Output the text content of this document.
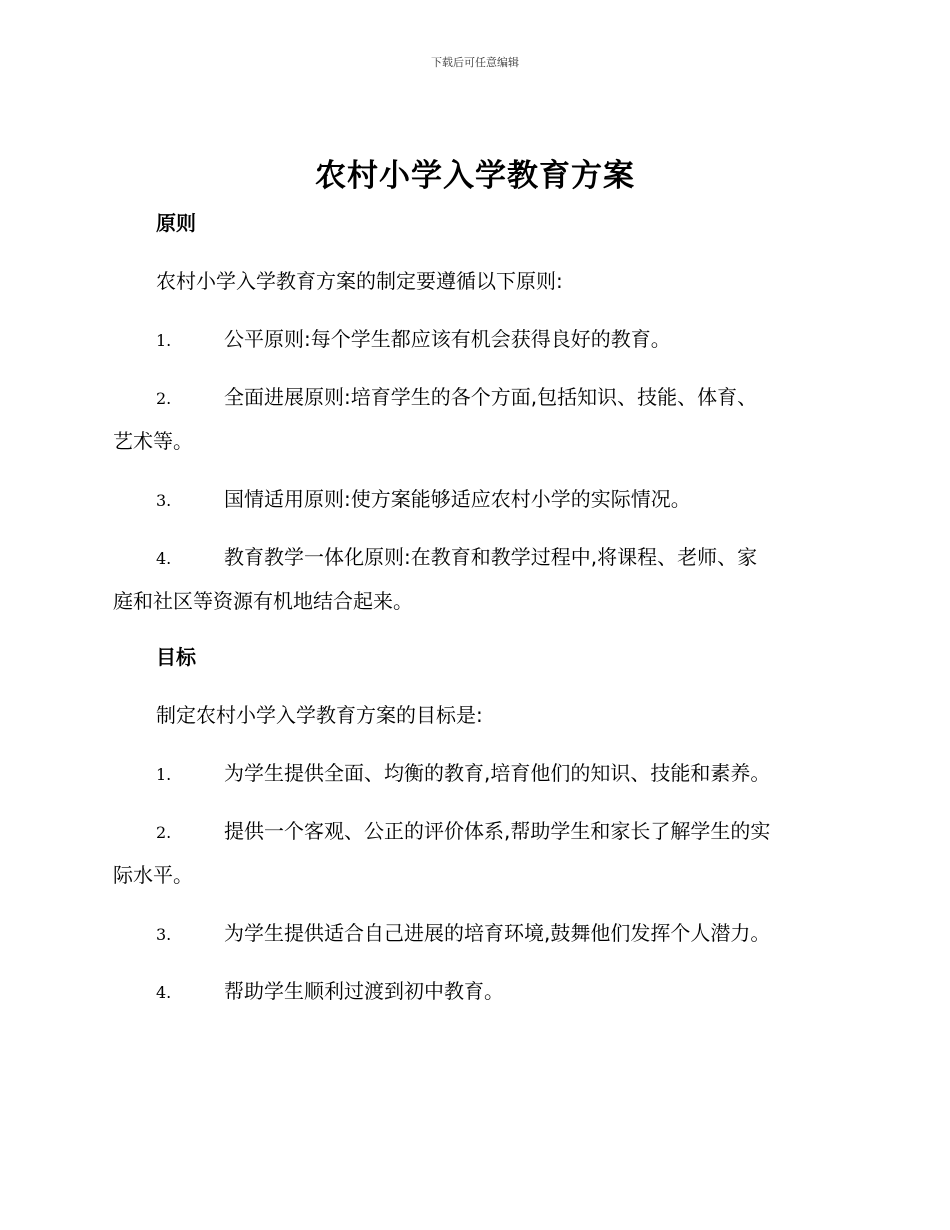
下载后可任意编辑
农村小学入学教育方案
原则

农村小学入学教育方案的制定要遵循以下原则:

1.	公平原则:每个学生都应该有机会获得良好的教育。
2.	全面进展原则:培育学生的各个方面,包括知识、技能、体育、
艺术等。
3.	国情适用原则:使方案能够适应农村小学的实际情况。
4.	教育教学一体化原则:在教育和教学过程中,将课程、老师、家
庭和社区等资源有机地结合起来。
目标

制定农村小学入学教育方案的目标是:

1.	为学生提供全面、均衡的教育,培育他们的知识、技能和素养。
2.	提供一个客观、公正的评价体系,帮助学生和家长了解学生的实
际水平。
3.	为学生提供适合自己进展的培育环境,鼓舞他们发挥个人潜力。
4.	帮助学生顺利过渡到初中教育。
